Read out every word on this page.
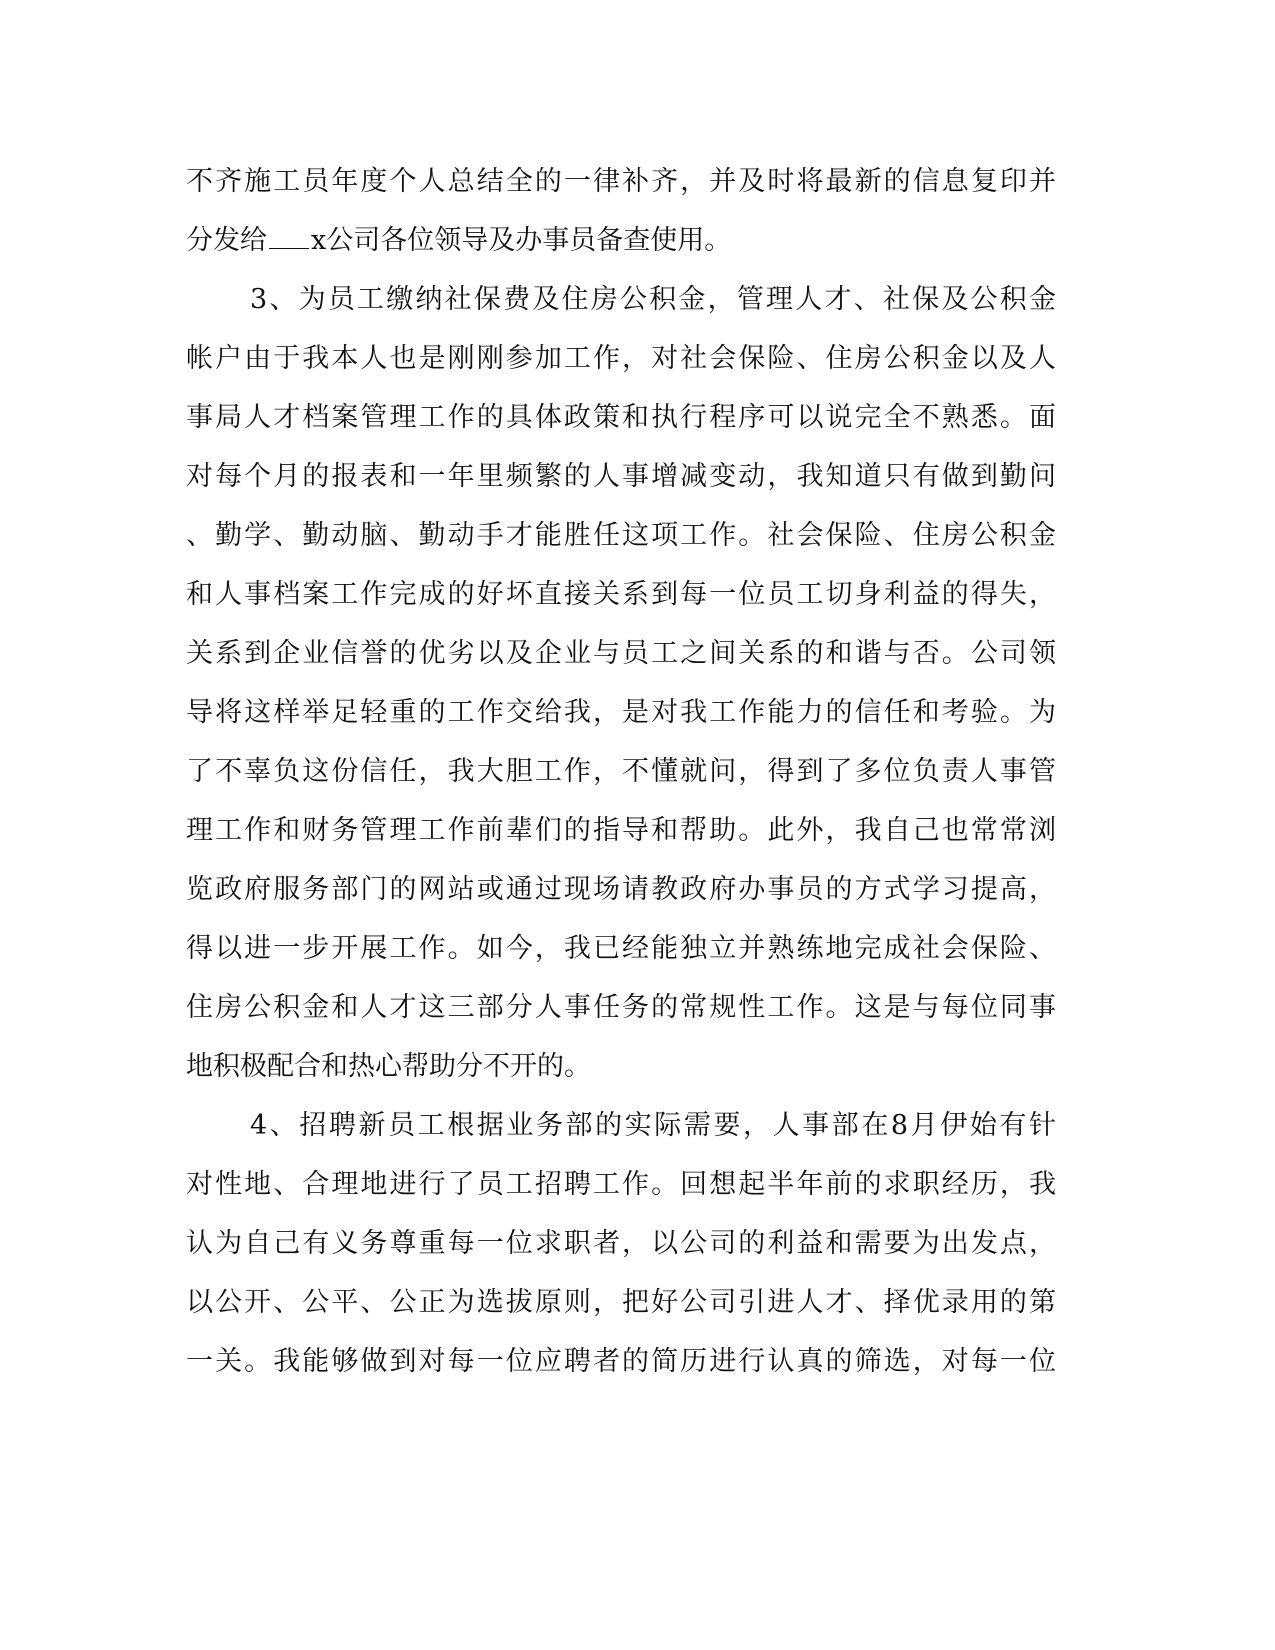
不齐施工员年度个人总结全的一律补齐，并及时将最新的信息复印并
分发给 x公司各位领导及办事员备查使用。
3、为员工缴纳社保费及住房公积金，管理人才、社保及公积金
帐户由于我本人也是刚刚参加工作，对社会保险、住房公积金以及人
事局人才档案管理工作的具体政策和执行程序可以说完全不熟悉。面
对每个月的报表和一年里频繁的人事增减变动，我知道只有做到勤问
、勤学、勤动脑、勤动手才能胜任这项工作。社会保险、住房公积金
和人事档案工作完成的好坏直接关系到每一位员工切身利益的得失，
关系到企业信誉的优劣以及企业与员工之间关系的和谐与否。公司领
导将这样举足轻重的工作交给我，是对我工作能力的信任和考验。为
了不辜负这份信任，我大胆工作，不懂就问，得到了多位负责人事管
理工作和财务管理工作前辈们的指导和帮助。此外，我自己也常常浏
览政府服务部门的网站或通过现场请教政府办事员的方式学习提高，
得以进一步开展工作。如今，我已经能独立并熟练地完成社会保险、
住房公积金和人才这三部分人事任务的常规性工作。这是与每位同事
地积极配合和热心帮助分不开的。
4、招聘新员工根据业务部的实际需要，人事部在8月伊始有针
对性地、合理地进行了员工招聘工作。回想起半年前的求职经历，我
认为自己有义务尊重每一位求职者，以公司的利益和需要为出发点，
以公开、公平、公正为选拔原则，把好公司引进人才、择优录用的第
一关。我能够做到对每一位应聘者的简历进行认真的筛选，对每一位
